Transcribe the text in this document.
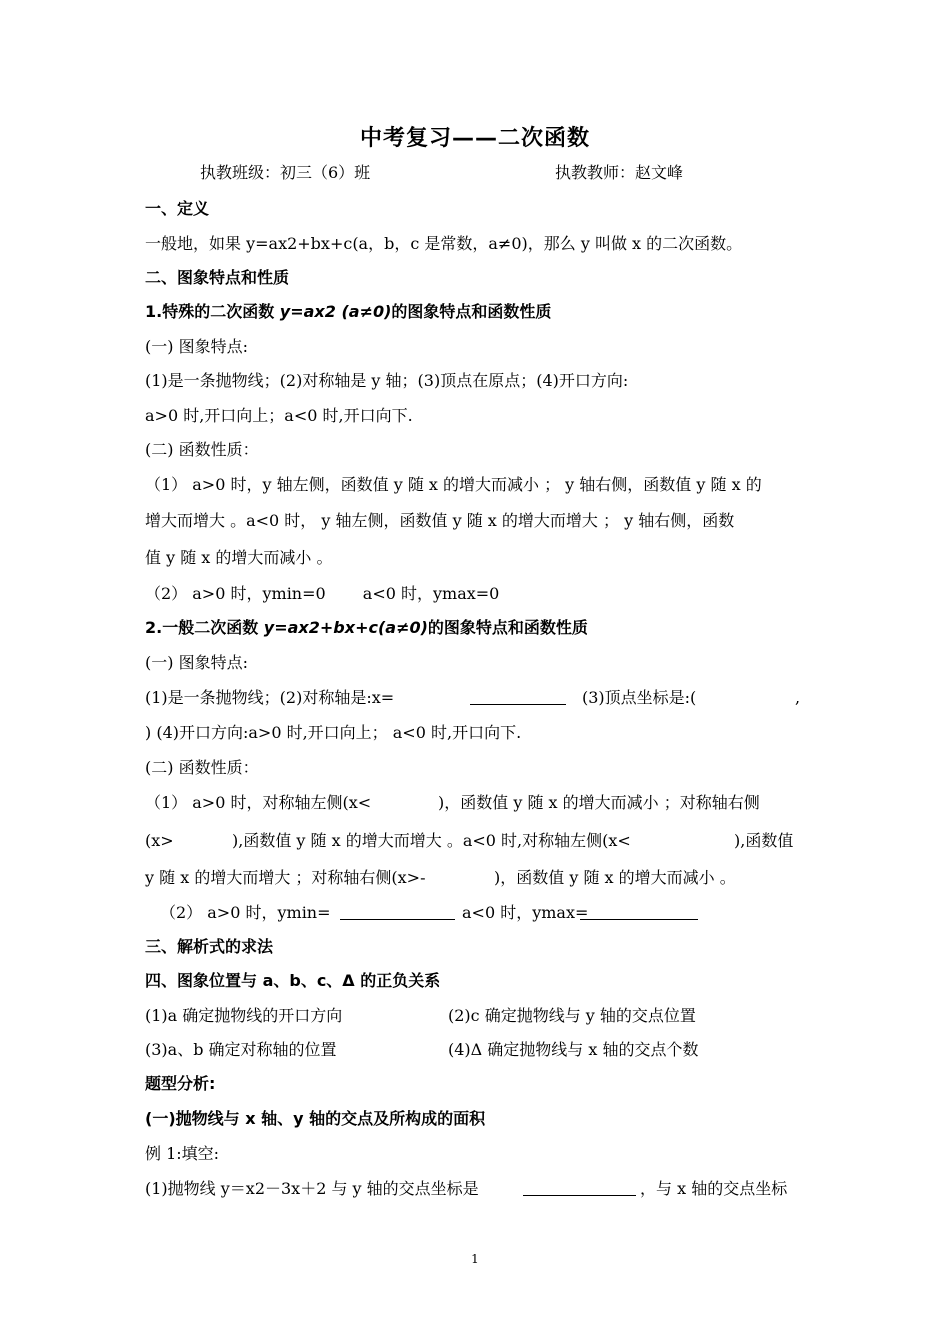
中考复习——二次函数
执教班级：初三（6）班	执教教师：赵文峰
一、定义
一般地，如果 y=ax2+bx+c(a，b，c 是常数，a≠0)，那么 y 叫做 x 的二次函数。
二、图象特点和性质
1.特殊的二次函数 y=ax2 (a≠0)的图象特点和函数性质
(一) 图象特点:
(1)是一条抛物线；(2)对称轴是 y 轴；(3)顶点在原点；(4)开口方向:
a>0 时,开口向上；a<0 时,开口向下.
(二) 函数性质：
（1） a>0 时，y 轴左侧，函数值 y 随 x 的增大而减小 ； y 轴右侧，函数值 y 随 x 的
增大而增大 。a<0 时， y 轴左侧，函数值 y 随 x 的增大而增大 ； y 轴右侧，函数
值 y 随 x 的增大而减小 。
（2） a>0 时，ymin=0 　　a<0 时，ymax=0
2.一般二次函数 y=ax2+bx+c(a≠0)的图象特点和函数性质
(一) 图象特点:
(1)是一条抛物线；(2)对称轴是:x=	(3)顶点坐标是:(	,
) (4)开口方向:a>0 时,开口向上； a<0 时,开口向下.
(二) 函数性质：
（1） a>0 时，对称轴左侧(x<	)，函数值 y 随 x 的增大而减小 ；对称轴右侧
(x>	),函数值 y 随 x 的增大而增大 。a<0 时,对称轴左侧(x<	),函数值
y 随 x 的增大而增大 ；对称轴右侧(x>-	)，函数值 y 随 x 的增大而减小 。
（2） a>0 时，ymin=	a<0 时，ymax=
三、解析式的求法
四、图象位置与 a、b、c、Δ 的正负关系
(1)a 确定抛物线的开口方向	(2)c 确定抛物线与 y 轴的交点位置
(3)a、b 确定对称轴的位置	(4)Δ 确定抛物线与 x 轴的交点个数
题型分析:
(一)抛物线与 x 轴、y 轴的交点及所构成的面积
例 1:填空:
(1)抛物线 y＝x2－3x＋2 与 y 轴的交点坐标是	，与 x 轴的交点坐标
1
